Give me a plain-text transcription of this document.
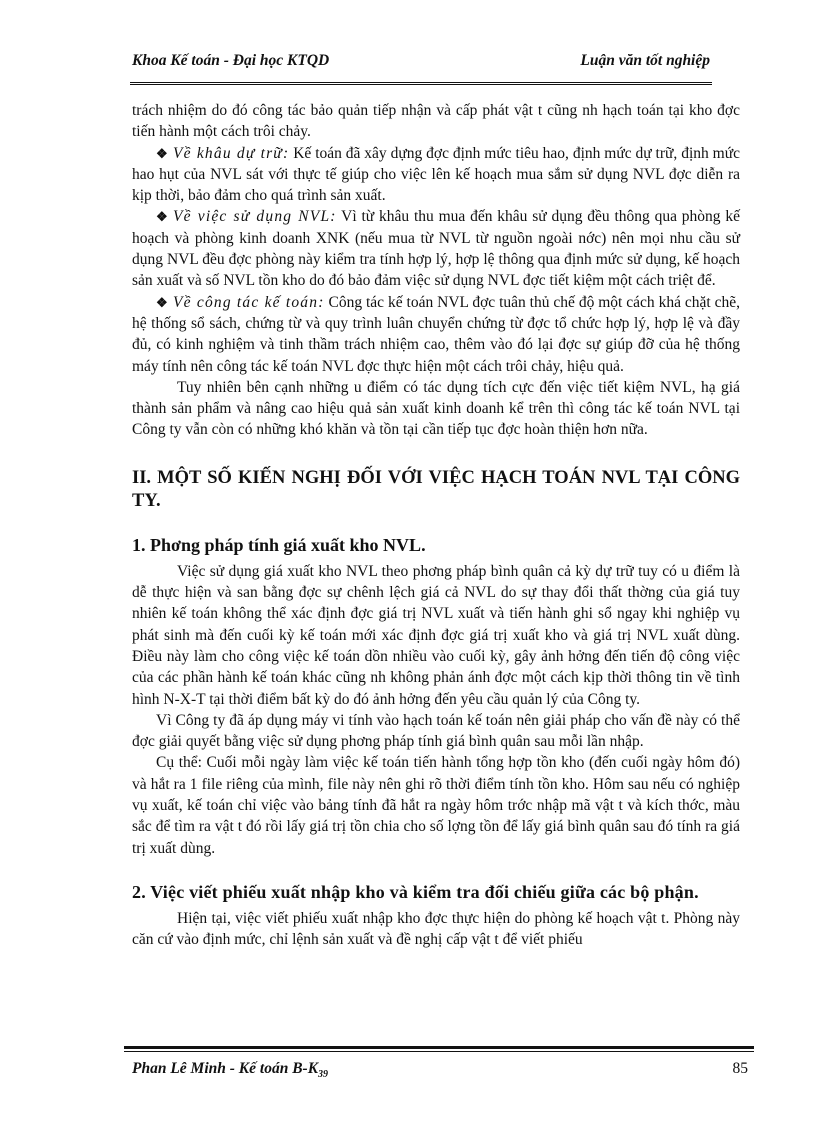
Khoa Kế toán - Đại học KTQD	Luận văn tốt nghiệp

trách nhiệm do đó công tác bảo quản tiếp nhận và cấp phát vật t cũng nh hạch toán tại kho đợc tiến hành một cách trôi chảy.

❖ Về khâu dự trữ: Kế toán đã xây dựng đợc định mức tiêu hao, định mức dự trữ, định mức hao hụt của NVL sát với thực tế giúp cho việc lên kế hoạch mua sắm sử dụng NVL đợc diễn ra kịp thời, bảo đảm cho quá trình sản xuất.

❖ Về việc sử dụng NVL: Vì từ khâu thu mua đến khâu sử dụng đều thông qua phòng kế hoạch và phòng kinh doanh XNK (nếu mua từ NVL từ nguồn ngoài nớc) nên mọi nhu cầu sử dụng NVL đều đợc phòng này kiểm tra tính hợp lý, hợp lệ thông qua định mức sử dụng, kế hoạch sản xuất và số NVL tồn kho do đó bảo đảm việc sử dụng NVL đợc tiết kiệm một cách triệt để.

❖ Về công tác kế toán: Công tác kế toán NVL đợc tuân thủ chế độ một cách khá chặt chẽ, hệ thống sổ sách, chứng từ và quy trình luân chuyển chứng từ đợc tổ chức hợp lý, hợp lệ và đầy đủ, có kinh nghiệm và tinh thầm trách nhiệm cao, thêm vào đó lại đợc sự giúp đỡ của hệ thống máy tính nên công tác kế toán NVL đợc thực hiện một cách trôi chảy, hiệu quả.

Tuy nhiên bên cạnh những u điểm có tác dụng tích cực đến việc tiết kiệm NVL, hạ giá thành sản phẩm và nâng cao hiệu quả sản xuất kinh doanh kể trên thì công tác kế toán NVL tại Công ty vẫn còn có những khó khăn và tồn tại cần tiếp tục đợc hoàn thiện hơn nữa.

II. MỘT SỐ KIẾN NGHỊ ĐỐI VỚI VIỆC HẠCH TOÁN NVL TẠI CÔNG TY.
1. Phơng pháp tính giá xuất kho NVL.

Việc sử dụng giá xuất kho NVL theo phơng pháp bình quân cả kỳ dự trữ tuy có u điểm là dễ thực hiện và san bằng đợc sự chênh lệch giá cả NVL do sự thay đổi thất thờng của giá tuy nhiên kế toán không thể xác định đợc giá trị NVL xuất và tiến hành ghi sổ ngay khi nghiệp vụ phát sinh mà đến cuối kỳ kế toán mới xác định đợc giá trị xuất kho và giá trị NVL xuất dùng. Điều này làm cho công việc kế toán dồn nhiều vào cuối kỳ, gây ảnh hởng đến tiến độ công việc của các phần hành kế toán khác cũng nh không phản ánh đợc một cách kịp thời thông tin về tình hình N-X-T tại thời điểm bất kỳ do đó ảnh hởng đến yêu cầu quản lý của Công ty.

Vì Công ty đã áp dụng máy vi tính vào hạch toán kế toán nên giải pháp cho vấn đề này có thể đợc giải quyết bằng việc sử dụng phơng pháp tính giá bình quân sau mỗi lần nhập.

Cụ thể: Cuối mỗi ngày làm việc kế toán tiến hành tổng hợp tồn kho (đến cuối ngày hôm đó) và hắt ra 1 file riêng của mình, file này nên ghi rõ thời điểm tính tồn kho. Hôm sau nếu có nghiệp vụ xuất, kế toán chỉ việc vào bảng tính đã hắt ra ngày hôm trớc nhập mã vật t và kích thớc, màu sắc để tìm ra vật t đó rồi lấy giá trị tồn chia cho số lợng tồn để lấy giá bình quân sau đó tính ra giá trị xuất dùng.

2. Việc viết phiếu xuất nhập kho và kiểm tra đối chiếu giữa các bộ phận.

Hiện tại, việc viết phiếu xuất nhập kho đợc thực hiện do phòng kế hoạch vật t. Phòng này căn cứ vào định mức, chỉ lệnh sản xuất và đề nghị cấp vật t để viết phiếu

Phan Lê Minh - Kế toán $B-K_{39}$	85
